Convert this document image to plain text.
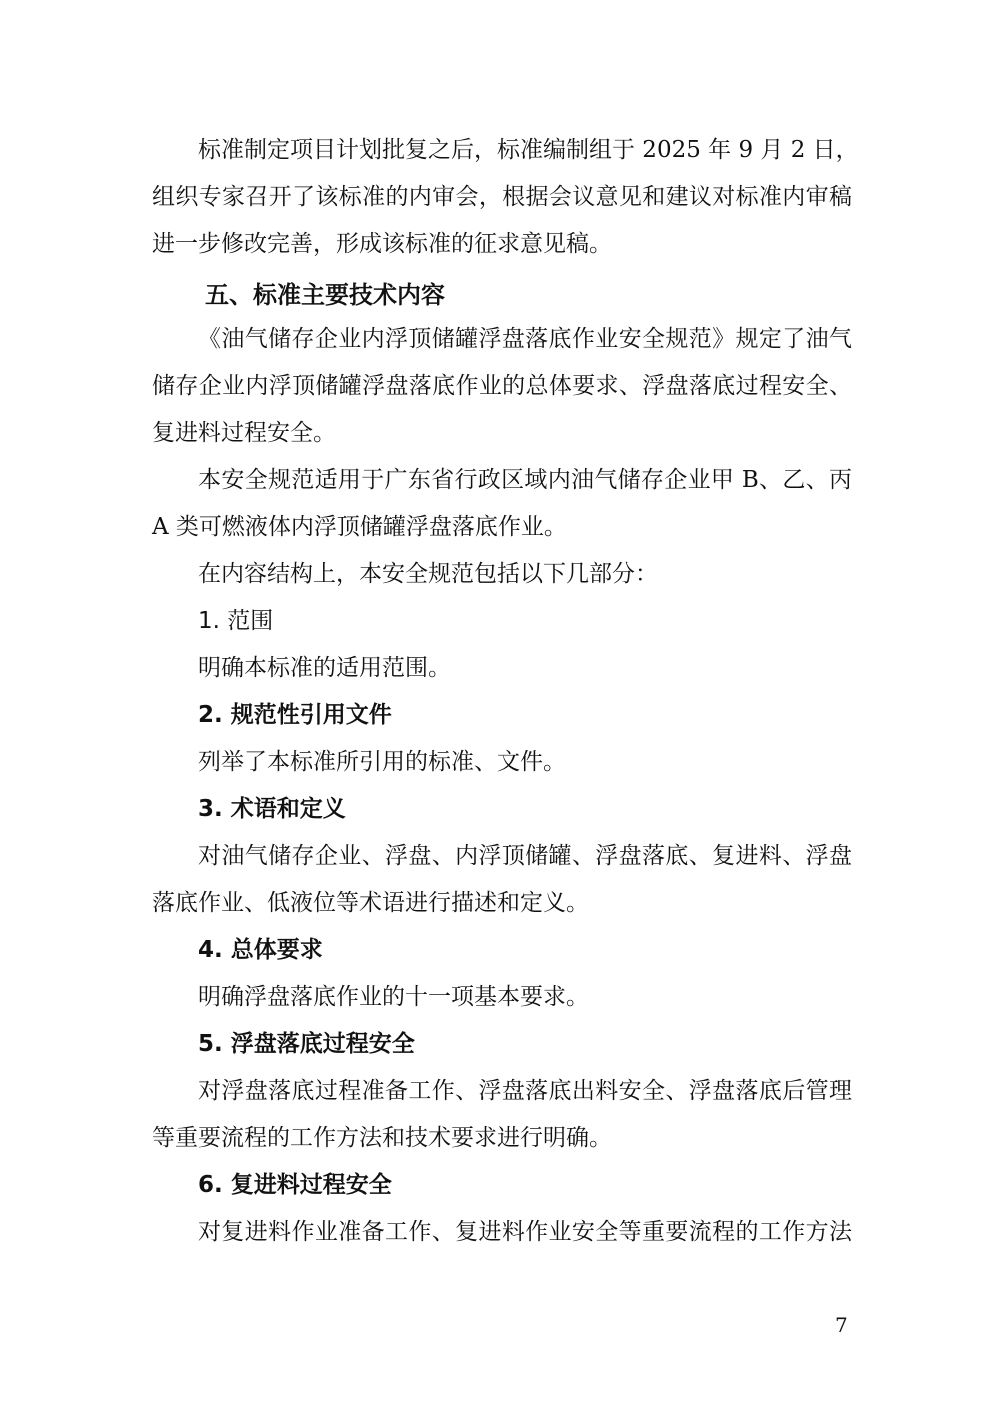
标准制定项目计划批复之后，标准编制组于 2025 年 9 月 2 日，
组织专家召开了该标准的内审会，根据会议意见和建议对标准内审稿
进一步修改完善，形成该标准的征求意见稿。
五、标准主要技术内容
《油气储存企业内浮顶储罐浮盘落底作业安全规范》规定了油气
储存企业内浮顶储罐浮盘落底作业的总体要求、浮盘落底过程安全、
复进料过程安全。
本安全规范适用于广东省行政区域内油气储存企业甲 B、乙、丙
A 类可燃液体内浮顶储罐浮盘落底作业。
在内容结构上，本安全规范包括以下几部分：
1. 范围
明确本标准的适用范围。
2. 规范性引用文件
列举了本标准所引用的标准、文件。
3. 术语和定义
对油气储存企业、浮盘、内浮顶储罐、浮盘落底、复进料、浮盘
落底作业、低液位等术语进行描述和定义。
4. 总体要求
明确浮盘落底作业的十一项基本要求。
5. 浮盘落底过程安全
对浮盘落底过程准备工作、浮盘落底出料安全、浮盘落底后管理
等重要流程的工作方法和技术要求进行明确。
6. 复进料过程安全
对复进料作业准备工作、复进料作业安全等重要流程的工作方法
7
